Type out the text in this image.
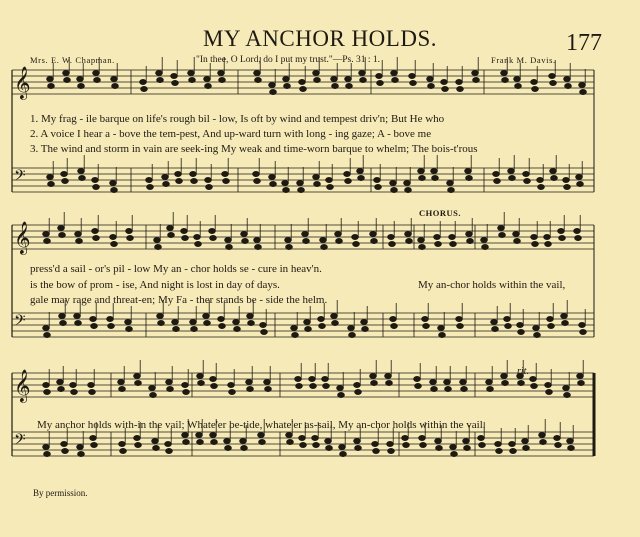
MY ANCHOR HOLDS.	177
Mrs. E. W. Chapman.	"In thee, O Lord, do I put my trust."—Ps. 31 : 1.	Frank M. Davis.
𝄞
𝄢
𝄞
𝄢
𝄞
𝄢
CHORUS.
rit.
1. My frag - ile barque on life's rough bil - low, Is oft by wind and tempest driv'n; But He who
2. A voice I hear a - bove the tem-pest, And up-ward turn with long - ing gaze; A - bove me
3. The wind and storm in vain are seek-ing My weak and time-worn barque to whelm; The bois-t'rous
press'd a sail - or's pil - low My an - chor holds se - cure in heav'n.
is the bow of prom - ise, And night is lost in day of days.
gale may rage and threat-en; My Fa - ther stands be - side the helm.
My an-chor holds within the vail,
My anchor holds with-in the vail; Whate'er be-tide, whate'er as-sail, My an-chor holds within the vail.
By permission.
